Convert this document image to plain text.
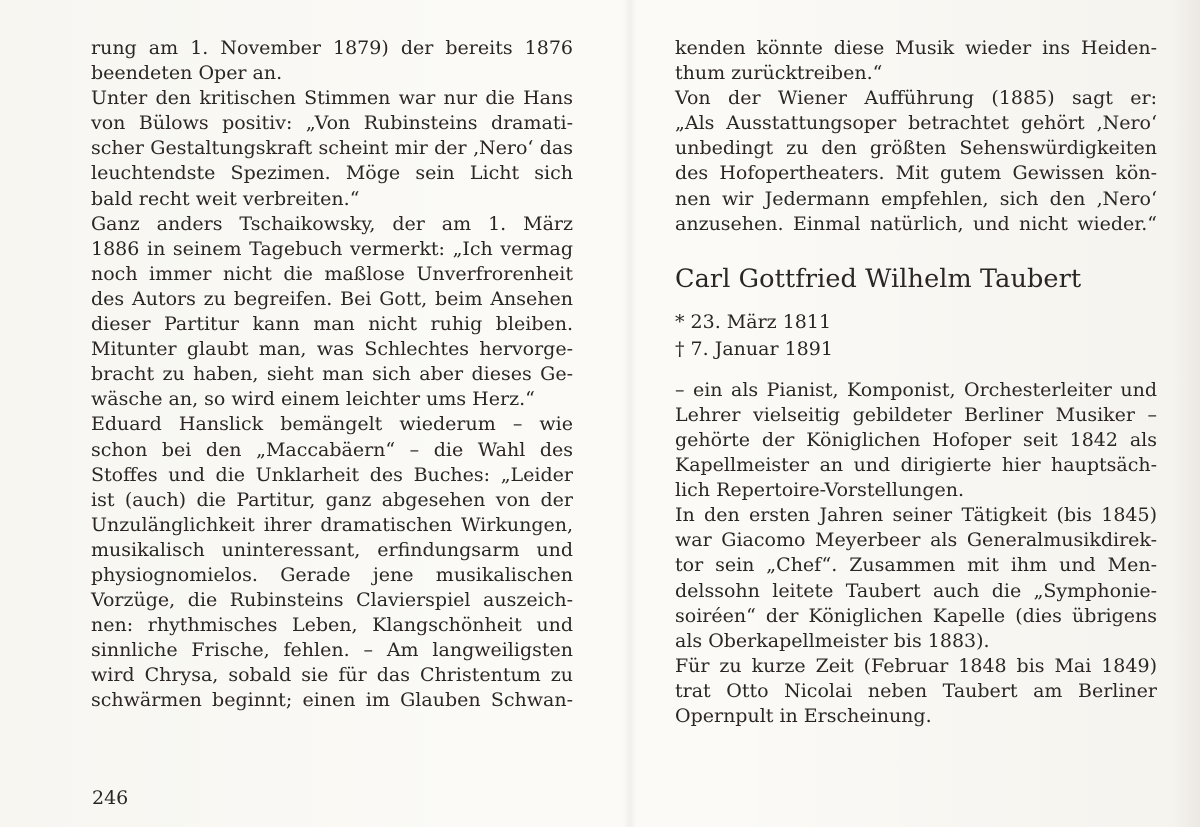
rung am 1. November 1879) der bereits 1876
beendeten Oper an.
Unter den kritischen Stimmen war nur die Hans
von Bülows positiv: „Von Rubinsteins dramati-
scher Gestaltungskraft scheint mir der ‚Nero‘ das
leuchtendste Spezimen. Möge sein Licht sich
bald recht weit verbreiten.“
Ganz anders Tschaikowsky, der am 1. März
1886 in seinem Tagebuch vermerkt: „Ich vermag
noch immer nicht die maßlose Unverfrorenheit
des Autors zu begreifen. Bei Gott, beim Ansehen
dieser Partitur kann man nicht ruhig bleiben.
Mitunter glaubt man, was Schlechtes hervorge-
bracht zu haben, sieht man sich aber dieses Ge-
wäsche an, so wird einem leichter ums Herz.“
Eduard Hanslick bemängelt wiederum – wie
schon bei den „Maccabäern“ – die Wahl des
Stoffes und die Unklarheit des Buches: „Leider
ist (auch) die Partitur, ganz abgesehen von der
Unzulänglichkeit ihrer dramatischen Wirkungen,
musikalisch uninteressant, erfindungsarm und
physiognomielos. Gerade jene musikalischen
Vorzüge, die Rubinsteins Clavierspiel auszeich-
nen: rhythmisches Leben, Klangschönheit und
sinnliche Frische, fehlen. – Am langweiligsten
wird Chrysa, sobald sie für das Christentum zu
schwärmen beginnt; einen im Glauben Schwan-
246
kenden könnte diese Musik wieder ins Heiden-
thum zurücktreiben.“
Von der Wiener Aufführung (1885) sagt er:
„Als Ausstattungsoper betrachtet gehört ‚Nero‘
unbedingt zu den größten Sehenswürdigkeiten
des Hofopertheaters. Mit gutem Gewissen kön-
nen wir Jedermann empfehlen, sich den ‚Nero‘
anzusehen. Einmal natürlich, und nicht wieder.“
Carl Gottfried Wilhelm Taubert
* 23. März 1811
† 7. Januar 1891
– ein als Pianist, Komponist, Orchesterleiter und
Lehrer vielseitig gebildeter Berliner Musiker –
gehörte der Königlichen Hofoper seit 1842 als
Kapellmeister an und dirigierte hier hauptsäch-
lich Repertoire-Vorstellungen.
In den ersten Jahren seiner Tätigkeit (bis 1845)
war Giacomo Meyerbeer als Generalmusikdirek-
tor sein „Chef“. Zusammen mit ihm und Men-
delssohn leitete Taubert auch die „Symphonie-
soiréen“ der Königlichen Kapelle (dies übrigens
als Oberkapellmeister bis 1883).
Für zu kurze Zeit (Februar 1848 bis Mai 1849)
trat Otto Nicolai neben Taubert am Berliner
Opernpult in Erscheinung.
